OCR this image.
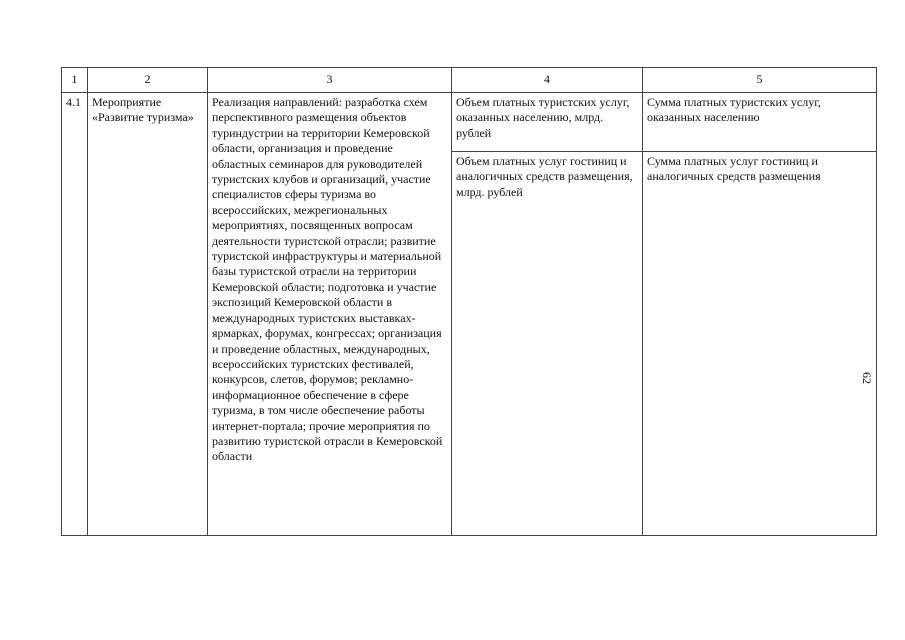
1	2	3	4	5
4.1	Мероприятие «Развитие туризма»	Реализация направлений: разработка схем перспективного размещения объектов туриндустрии на территории Кемеровской области, организация и проведение областных семинаров для руководителей туристских клубов и организаций, участие специалистов сферы туризма во всероссийских, межрегиональных мероприятиях, посвященных вопросам деятельности туристской отрасли; развитие туристской инфраструктуры и материальной базы туристской отрасли на территории Кемеровской области; подготовка и участие экспозиций Кемеровской области в международных туристских выставках-ярмарках, форумах, конгрессах; организация и проведение областных, международных, всероссийских туристских фестивалей, конкурсов, слетов, форумов; рекламно-информационное обеспечение в сфере туризма, в том числе обеспечение работы интернет-портала; прочие мероприятия по развитию туристской отрасли в Кемеровской области	Объем платных туристских услуг, оказанных населению, млрд. рублей	Сумма платных туристских услуг, оказанных населению
			Объем платных услуг гостиниц и аналогичных средств размещения, млрд. рублей	Сумма платных услуг гостиниц и аналогичных средств размещения
62
